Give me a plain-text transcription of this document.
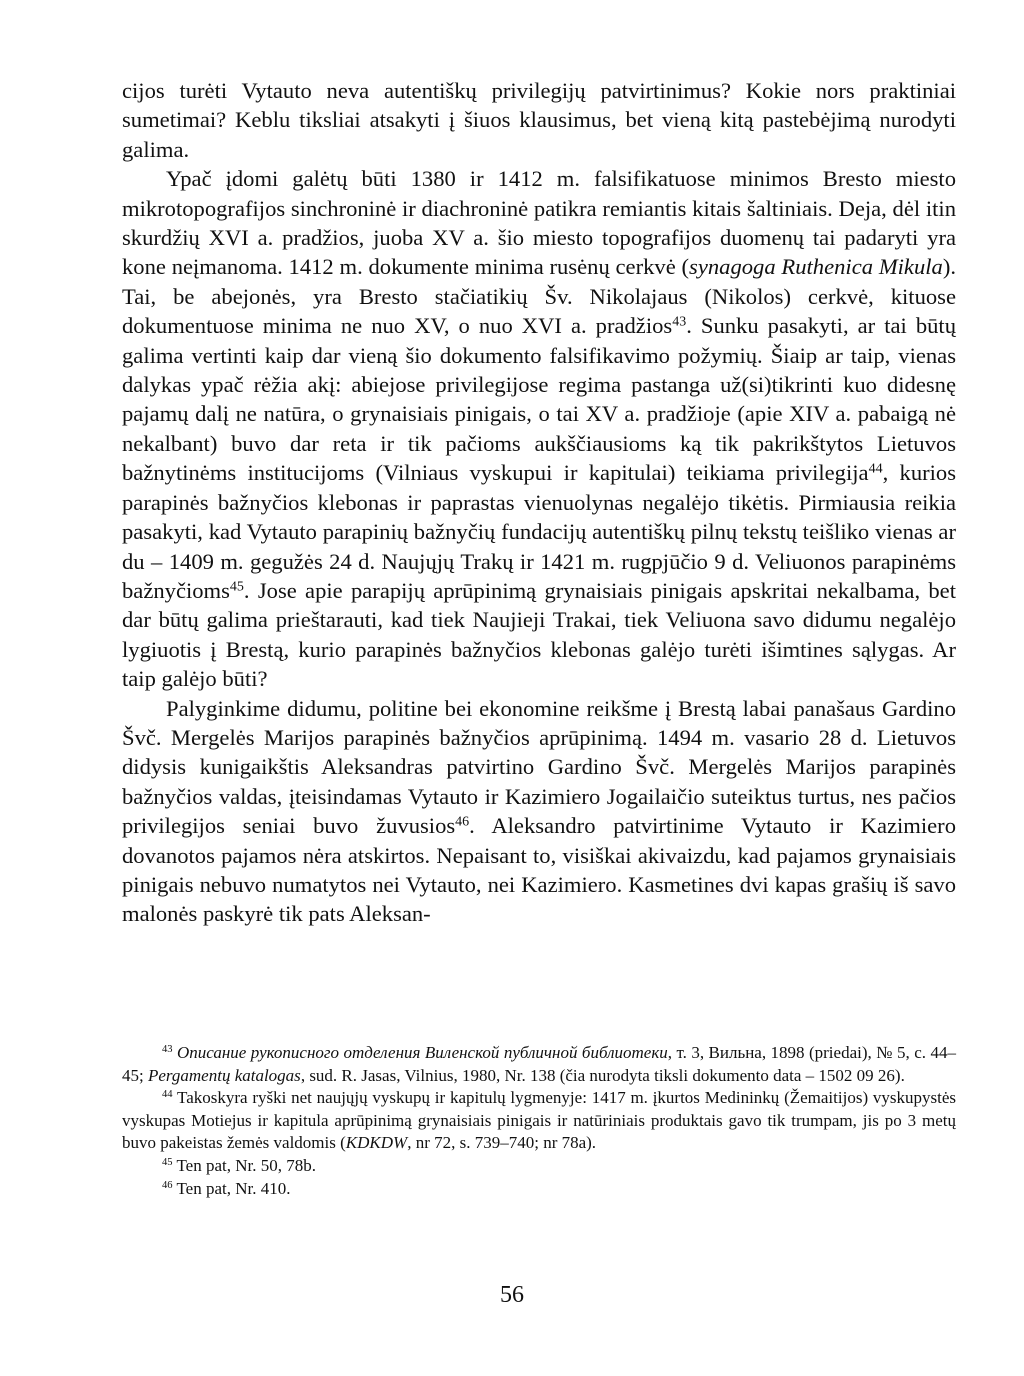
cijos turėti Vytauto neva autentiškų privilegijų patvirtinimus? Kokie nors praktiniai sumetimai? Keblu tiksliai atsakyti į šiuos klausimus, bet vieną kitą pastebėjimą nurodyti galima.

Ypač įdomi galėtų būti 1380 ir 1412 m. falsifikatuose minimos Bresto miesto mikrotopografijos sinchroninė ir diachroninė patikra remiantis kitais šaltiniais. Deja, dėl itin skurdžių XVI a. pradžios, juoba XV a. šio miesto topografijos duomenų tai padaryti yra kone neįmanoma. 1412 m. dokumente minima rusėnų cerkvė (synagoga Ruthenica Mikula). Tai, be abejonės, yra Bresto stačiatikių Šv. Nikolajaus (Nikolos) cerkvė, kituose dokumentuose minima ne nuo XV, o nuo XVI a. pradžios$^{43}$. Sunku pasakyti, ar tai būtų galima vertinti kaip dar vieną šio dokumento falsifikavimo požymių. Šiaip ar taip, vienas dalykas ypač rėžia akį: abiejose privilegijose regima pastanga už(si)tikrinti kuo didesnę pajamų dalį ne natūra, o grynaisiais pinigais, o tai XV a. pradžioje (apie XIV a. pabaigą nė nekalbant) buvo dar reta ir tik pačioms aukščiausioms ką tik pakrikštytos Lietuvos bažnytinėms institucijoms (Vilniaus vyskupui ir kapitulai) teikiama privilegija$^{44}$, kurios parapinės bažnyčios klebonas ir paprastas vienuolynas negalėjo tikėtis. Pirmiausia reikia pasakyti, kad Vytauto parapinių bažnyčių fundacijų autentiškų pilnų tekstų teišliko vienas ar du – 1409 m. gegužės 24 d. Naujųjų Trakų ir 1421 m. rugpjūčio 9 d. Veliuonos parapinėms bažnyčioms$^{45}$. Jose apie parapijų aprūpinimą grynaisiais pinigais apskritai nekalbama, bet dar būtų galima prieštarauti, kad tiek Naujieji Trakai, tiek Veliuona savo didumu negalėjo lygiuotis į Brestą, kurio parapinės bažnyčios klebonas galėjo turėti išimtines sąlygas. Ar taip galėjo būti?

Palyginkime didumu, politine bei ekonomine reikšme į Brestą labai panašaus Gardino Švč. Mergelės Marijos parapinės bažnyčios aprūpinimą. 1494 m. vasario 28 d. Lietuvos didysis kunigaikštis Aleksandras patvirtino Gardino Švč. Mergelės Marijos parapinės bažnyčios valdas, įteisindamas Vytauto ir Kazimiero Jogailaičio suteiktus turtus, nes pačios privilegijos seniai buvo žuvusios$^{46}$. Aleksandro patvirtinime Vytauto ir Kazimiero dovanotos pajamos nėra atskirtos. Nepaisant to, visiškai akivaizdu, kad pajamos grynaisiais pinigais nebuvo numatytos nei Vytauto, nei Kazimiero. Kasmetines dvi kapas grašių iš savo malonės paskyrė tik pats Aleksan-

$^{43}$ Описание рукописного отделения Виленской публичной библиотеки, т. 3, Вильна, 1898 (priedai), № 5, с. 44–45; Pergamentų katalogas, sud. R. Jasas, Vilnius, 1980, Nr. 138 (čia nurodyta tiksli dokumento data – 1502 09 26).

$^{44}$ Takoskyra ryški net naujųjų vyskupų ir kapitulų lygmenyje: 1417 m. įkurtos Medininkų (Žemaitijos) vyskupystės vyskupas Motiejus ir kapitula aprūpinimą grynaisiais pinigais ir natūriniais produktais gavo tik trumpam, jis po 3 metų buvo pakeistas žemės valdomis (KDKDW, nr 72, s. 739–740; nr 78a).

$^{45}$ Ten pat, Nr. 50, 78b.

$^{46}$ Ten pat, Nr. 410.

56
